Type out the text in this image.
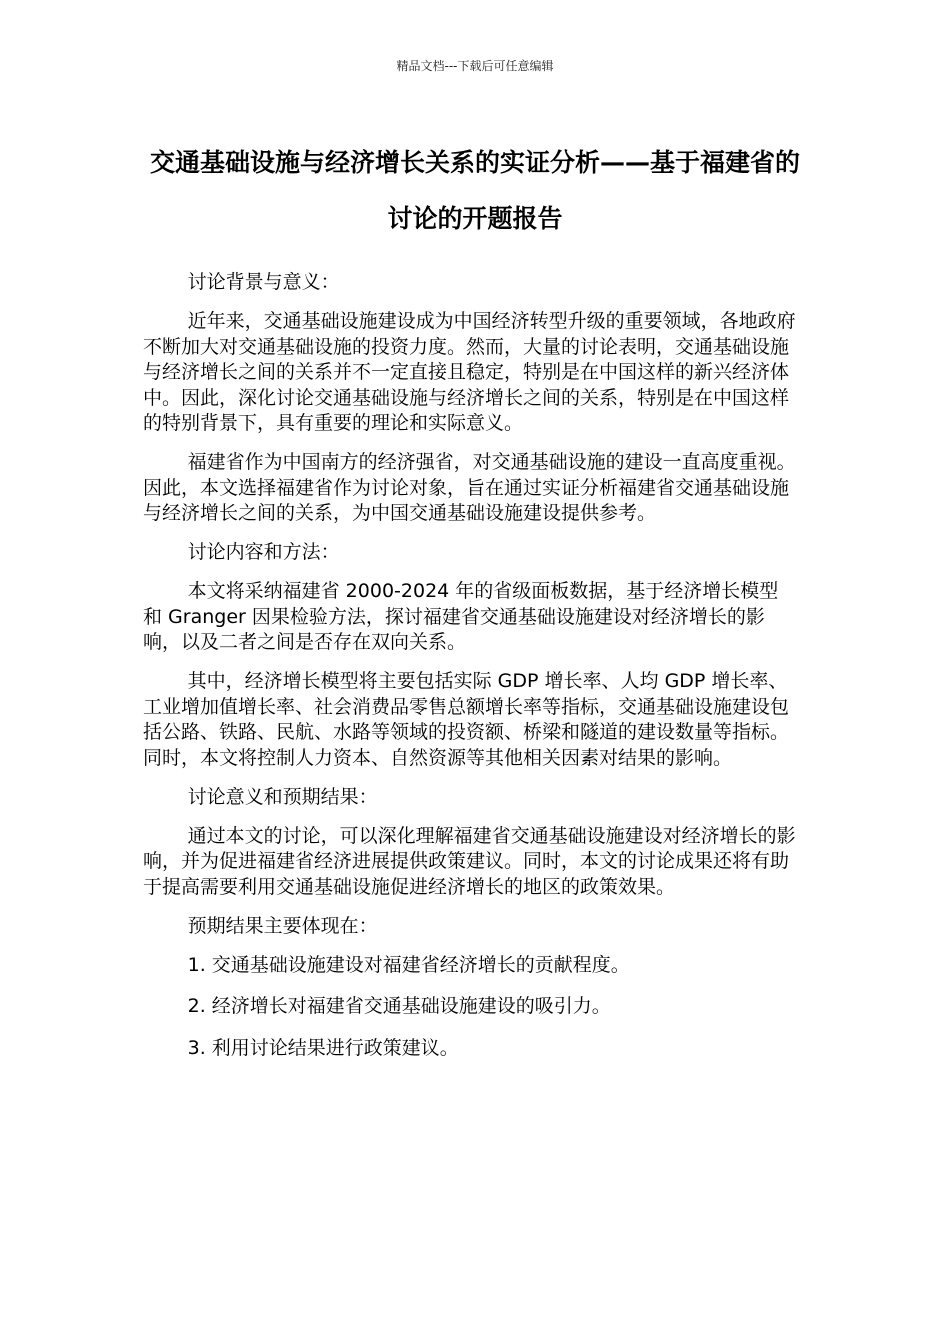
精品文档---下载后可任意编辑
交通基础设施与经济增长关系的实证分析——基于福建省的讨论的开题报告

讨论背景与意义：

近年来，交通基础设施建设成为中国经济转型升级的重要领域，各地政府不断加大对交通基础设施的投资力度。然而，大量的讨论表明，交通基础设施与经济增长之间的关系并不一定直接且稳定，特别是在中国这样的新兴经济体中。因此，深化讨论交通基础设施与经济增长之间的关系，特别是在中国这样的特别背景下，具有重要的理论和实际意义。

福建省作为中国南方的经济强省，对交通基础设施的建设一直高度重视。因此，本文选择福建省作为讨论对象，旨在通过实证分析福建省交通基础设施与经济增长之间的关系，为中国交通基础设施建设提供参考。

讨论内容和方法：

本文将采纳福建省 2000-2024 年的省级面板数据，基于经济增长模型和 Granger 因果检验方法，探讨福建省交通基础设施建设对经济增长的影响，以及二者之间是否存在双向关系。

其中，经济增长模型将主要包括实际 GDP 增长率、人均 GDP 增长率、工业增加值增长率、社会消费品零售总额增长率等指标，交通基础设施建设包括公路、铁路、民航、水路等领域的投资额、桥梁和隧道的建设数量等指标。同时，本文将控制人力资本、自然资源等其他相关因素对结果的影响。

讨论意义和预期结果：

通过本文的讨论，可以深化理解福建省交通基础设施建设对经济增长的影响，并为促进福建省经济进展提供政策建议。同时，本文的讨论成果还将有助于提高需要利用交通基础设施促进经济增长的地区的政策效果。

预期结果主要体现在：

1. 交通基础设施建设对福建省经济增长的贡献程度。

2. 经济增长对福建省交通基础设施建设的吸引力。

3. 利用讨论结果进行政策建议。
